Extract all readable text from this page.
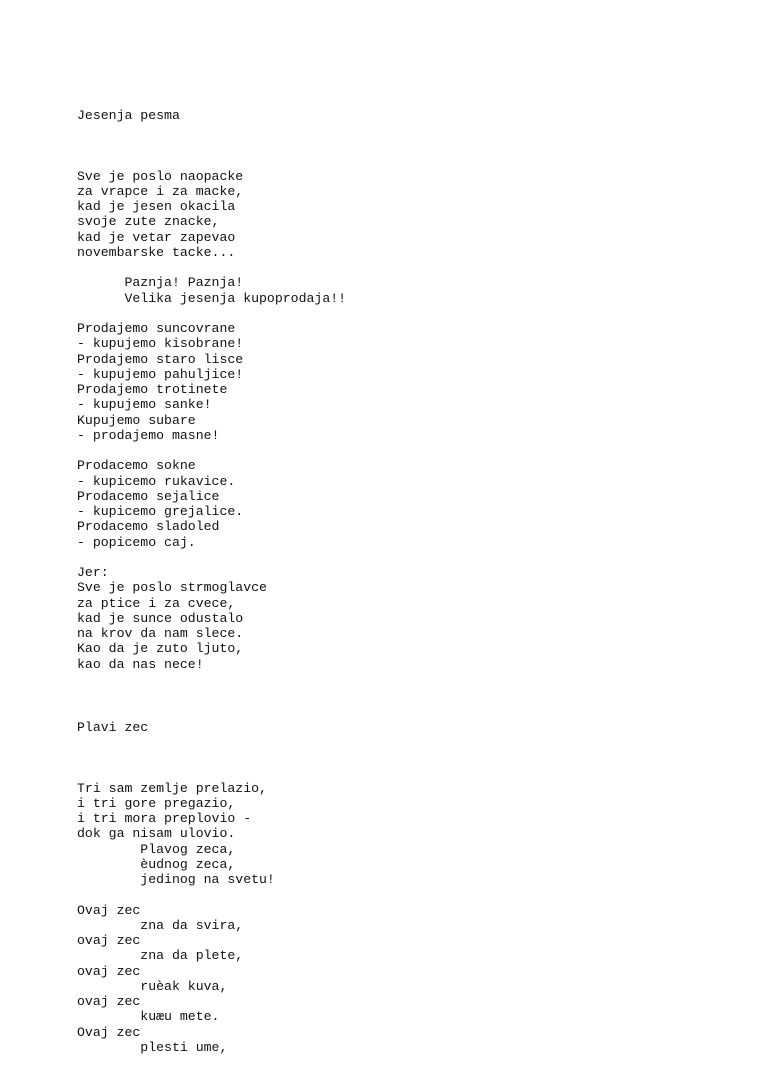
Jesenja pesma

Sve je poslo naopacke
za vrapce i za macke,
kad je jesen okacila
svoje zute znacke,
kad je vetar zapevao
novembarske tacke...
Paznja! Paznja!
Velika jesenja kupoprodaja!!
Prodajemo suncovrane
- kupujemo kisobrane!
Prodajemo staro lisce
- kupujemo pahuljice!
Prodajemo trotinete
- kupujemo sanke!
Kupujemo subare
- prodajemo masne!
Prodacemo sokne
- kupicemo rukavice.
Prodacemo sejalice
- kupicemo grejalice.
Prodacemo sladoled
- popicemo caj.
Jer:
Sve je poslo strmoglavce
za ptice i za cvece,
kad je sunce odustalo
na krov da nam slece.
Kao da je zuto ljuto,
kao da nas nece!

Plavi zec

Tri sam zemlje prelazio,
i tri gore pregazio,
i tri mora preplovio -
dok ga nisam ulovio.
Plavog zeca,
èudnog zeca,
jedinog na svetu!
Ovaj zec
zna da svira,
ovaj zec
zna da plete,
ovaj zec
ruèak kuva,
ovaj zec
kuæu mete.
Ovaj zec
plesti ume,
